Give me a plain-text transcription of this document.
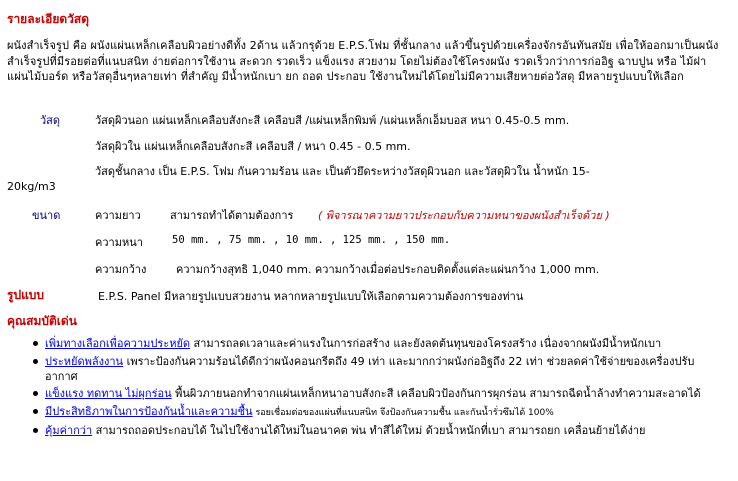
รายละเอียดวัสดุ
ผนังสำเร็จรูป คือ ผนังแผ่นเหล็กเคลือบผิวอย่างดีทั้ง 2ด้าน แล้วกรุด้วย E.P.S.โฟม ที่ชั้นกลาง แล้วขึ้นรูปด้วยเครื่องจักรอันทันสมัย เพื่อให้ออกมาเป็นผนังสำเร็จรูปที่มีรอยต่อที่แนบสนิท ง่ายต่อการใช้งาน สะดวก รวดเร็ว แข็งแรง สวยงาม โดยไม่ต้องใช้โครงผนัง รวดเร็วกว่าการก่ออิฐ ฉาบปูน หรือ ไม้ฝา แผ่นไม้บอร์ด หรือวัสดุอื่นๆหลายเท่า ที่สำคัญ มีน้ำหนักเบา ยก ถอด ประกอบ ใช้งานใหม่ได้โดยไม่มีความเสียหายต่อวัสดุ มีหลายรูปแบบให้เลือก
วัสดุ	วัสดุผิวนอก แผ่นเหล็กเคลือบสังกะสี เคลือบสี /แผ่นเหล็กพิมพ์ /แผ่นเหล็กเอ็มบอส หนา 0.45-0.5 mm.
วัสดุผิวใน แผ่นเหล็กเคลือบสังกะสี เคลือบสี / หนา 0.45 - 0.5 mm.
วัสดุชั้นกลาง เป็น E.P.S. โฟม กันความร้อน และ เป็นตัวยึดระหว่างวัสดุผิวนอก และวัสดุผิวใน น้ำหนัก 15-
20kg/m3
ขนาด	ความยาว	สามารถทำได้ตามต้องการ ( พิจารณาความยาวประกอบกับความหนาของผนังสำเร็จด้วย )
ความหนา	50 mm. , 75 mm. , 10 mm. , 125 mm. , 150 mm.
ความกว้าง	ความกว้างสุทธิ 1,040 mm. ความกว้างเมื่อต่อประกอบติดตั้งแต่ละแผ่นกว้าง 1,000 mm.
รูปแบบ	E.P.S. Panel มีหลายรูปแบบสวยงาน หลากหลายรูปแบบให้เลือกตามความต้องการของท่าน
คุณสมบัติเด่น
เพิ่มทางเลือกเพื่อความประหยัด สามารถลดเวลาและค่าแรงในการก่อสร้าง และยังลดต้นทุนของโครงสร้าง เนื่องจากผนังมีน้ำหนักเบา
ประหยัดพลังงาน เพราะป้องกันความร้อนได้ดีกว่าผนังคอนกรีตถึง 49 เท่า และมากกว่าผนังก่ออิฐถึง 22 เท่า ช่วยลดค่าใช้จ่ายของเครื่องปรับอากาศ
แข็งแรง ทดทาน ไม่ผุกร่อน พื้นผิวภายนอกทำจากแผ่นเหล็กหนาอาบสังกะสี เคลือบผิวป้องกันการผุกร่อน สามารถฉีดน้ำล้างทำความสะอาดได้
มีประสิทธิภาพในการป้องกันน้ำและความชื้น รอยเชื่อมต่อของแผ่นที่แนบสนิท จึงป้องกันความชื้น และกันน้ำรั่วซึมได้ 100%
คุ้มค่ากว่า สามารถถอดประกอบได้ ในไปใช้งานได้ใหม่ในอนาคต พ่น ทำสีได้ใหม่ ด้วยน้ำหนักที่เบา สามารถยก เคลื่อนย้ายได้ง่าย
